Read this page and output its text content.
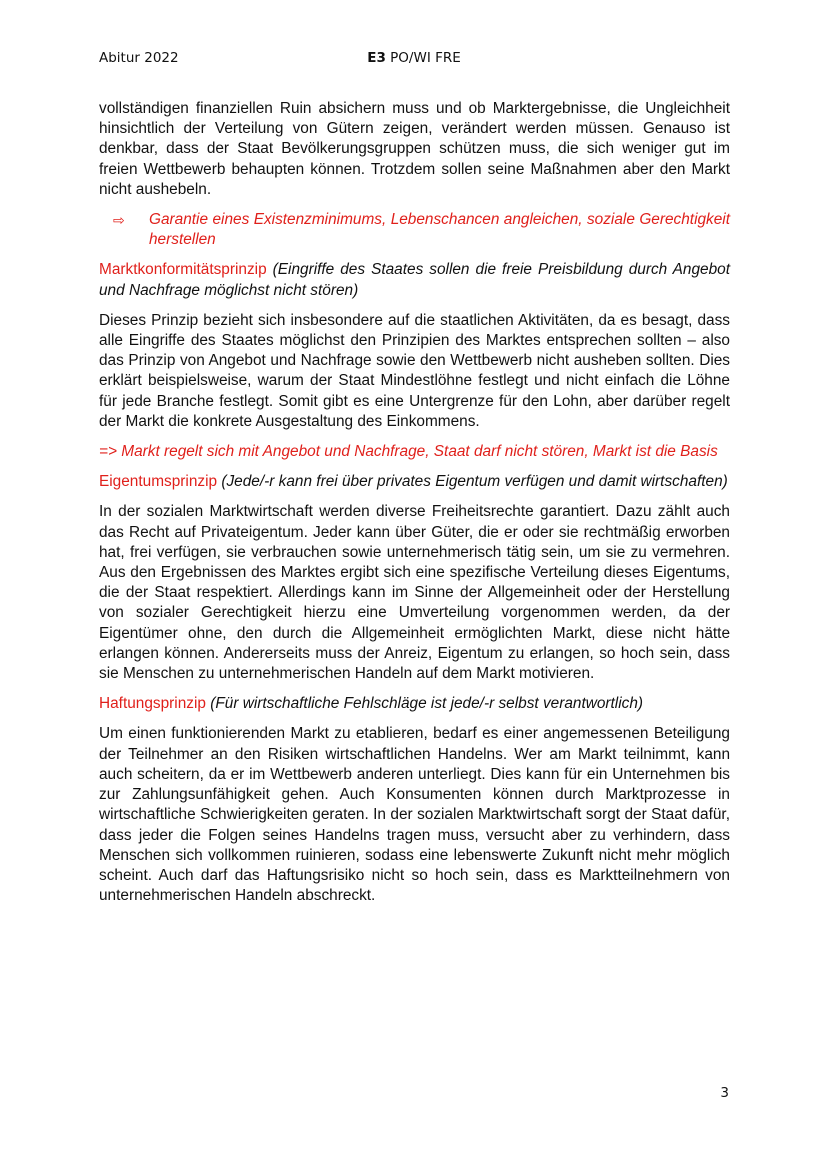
Abitur 2022	E3 PO/WI FRE

vollständigen finanziellen Ruin absichern muss und ob Marktergebnisse, die Ungleichheit hinsichtlich der Verteilung von Gütern zeigen, verändert werden müssen. Genauso ist denkbar, dass der Staat Bevölkerungsgruppen schützen muss, die sich weniger gut im freien Wettbewerb behaupten können. Trotzdem sollen seine Maßnahmen aber den Markt nicht aushebeln.

⇨	Garantie eines Existenzminimums, Lebenschancen angleichen, soziale Gerechtigkeit herstellen

Marktkonformitätsprinzip (Eingriffe des Staates sollen die freie Preisbildung durch Angebot und Nachfrage möglichst nicht stören)

Dieses Prinzip bezieht sich insbesondere auf die staatlichen Aktivitäten, da es besagt, dass alle Eingriffe des Staates möglichst den Prinzipien des Marktes entsprechen sollten – also das Prinzip von Angebot und Nachfrage sowie den Wettbewerb nicht ausheben sollten. Dies erklärt beispielsweise, warum der Staat Mindestlöhne festlegt und nicht einfach die Löhne für jede Branche festlegt. Somit gibt es eine Untergrenze für den Lohn, aber darüber regelt der Markt die konkrete Ausgestaltung des Einkommens.

=> Markt regelt sich mit Angebot und Nachfrage, Staat darf nicht stören, Markt ist die Basis

Eigentumsprinzip (Jede/-r kann frei über privates Eigentum verfügen und damit wirtschaften)

In der sozialen Marktwirtschaft werden diverse Freiheitsrechte garantiert. Dazu zählt auch das Recht auf Privateigentum. Jeder kann über Güter, die er oder sie rechtmäßig erworben hat, frei verfügen, sie verbrauchen sowie unternehmerisch tätig sein, um sie zu vermehren. Aus den Ergebnissen des Marktes ergibt sich eine spezifische Verteilung dieses Eigentums, die der Staat respektiert. Allerdings kann im Sinne der Allgemeinheit oder der Herstellung von sozialer Gerechtigkeit hierzu eine Umverteilung vorgenommen werden, da der Eigentümer ohne, den durch die Allgemeinheit ermöglichten Markt, diese nicht hätte erlangen können. Andererseits muss der Anreiz, Eigentum zu erlangen, so hoch sein, dass sie Menschen zu unternehmerischen Handeln auf dem Markt motivieren.

Haftungsprinzip (Für wirtschaftliche Fehlschläge ist jede/-r selbst verantwortlich)

Um einen funktionierenden Markt zu etablieren, bedarf es einer angemessenen Beteiligung der Teilnehmer an den Risiken wirtschaftlichen Handelns. Wer am Markt teilnimmt, kann auch scheitern, da er im Wettbewerb anderen unterliegt. Dies kann für ein Unternehmen bis zur Zahlungsunfähigkeit gehen. Auch Konsumenten können durch Marktprozesse in wirtschaftliche Schwierigkeiten geraten. In der sozialen Marktwirtschaft sorgt der Staat dafür, dass jeder die Folgen seines Handelns tragen muss, versucht aber zu verhindern, dass Menschen sich vollkommen ruinieren, sodass eine lebenswerte Zukunft nicht mehr möglich scheint. Auch darf das Haftungsrisiko nicht so hoch sein, dass es Marktteilnehmern von unternehmerischen Handeln abschreckt.

3
